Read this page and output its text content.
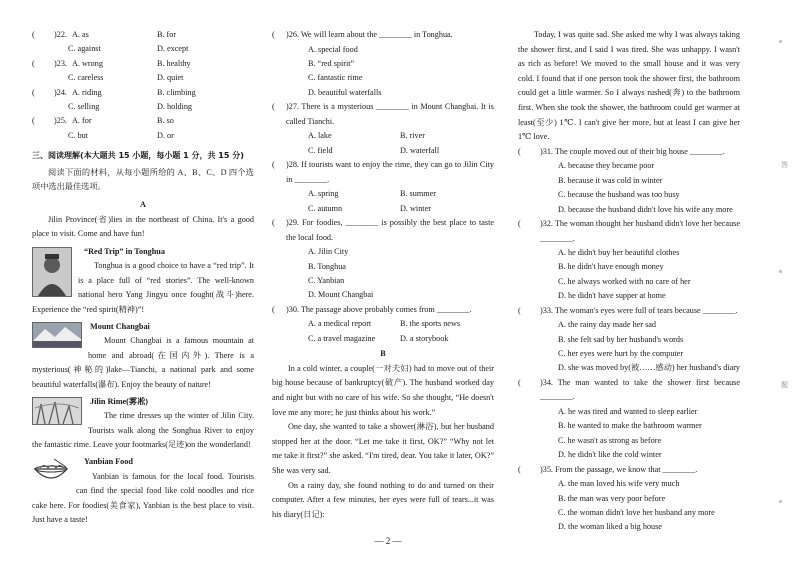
( )22. A. as	B. for
C. against	D. except
( )23. A. wrong	B. healthy
C. careless	D. quiet
( )24. A. riding	B. climbing
C. selling	D. holding
( )25. A. for	B. so
C. but	D. or

三、阅读理解(本大题共 15 小题，每小题 1 分，共 15 分)

阅读下面的材料，从每小题所给的 A、B、C、D 四个选项中选出最佳选项。

A

Jilin Province(省)lies in the northeast of China. It's a good place to visit. Come and have fun!

“Red Trip” in Tonghua

Tonghua is a good choice to have a “red trip”. It is a place full of “red stories”. The well-known national hero Yang Jingyu once fought(战斗)here. Experience the “red spirit(精神)”!

Mount Changbai

Mount Changbai is a famous mountain at home and abroad(在国内外). There is a mysterious(神秘的)lake—Tianchi, a national park and some beautiful waterfalls(瀑布). Enjoy the beauty of nature!

Jilin Rime(雾凇)

The rime dresses up the winter of Jilin City. Tourists walk along the Songhua River to enjoy the fantastic rime. Leave your footmarks(足迹)on the wonderland!

Yanbian Food

Yanbian is famous for the local food. Tourists can find the special food like cold noodles and rice cake here. For foodies(美食家), Yanbian is the best place to visit. Just have a taste!

( )26. We will learn about the ________ in Tonghua.

A. special food
B. “red spirit”
C. fantastic rime
D. beautiful waterfalls

( )27. There is a mysterious ________ in Mount Changbai. It is called Tianchi.

A. lake	B. river
C. field	D. waterfall

( )28. If tourists want to enjoy the rime, they can go to Jilin City in ________.

A. spring	B. summer
C. autumn	D. winter

( )29. For foodies, ________ is possibly the best place to taste the local food.

A. Jilin City
B. Tonghua
C. Yanbian
D. Mount Changbai

( )30. The passage above probably comes from ________.

A. a medical report	B. the sports news
C. a travel magazine	D. a storybook

B

In a cold winter, a couple(一对夫妇) had to move out of their big house because of bankruptcy(破产). The husband worked day and night but with no care of his wife. So she thought, “He doesn't love me any more; he just thinks about his work.”

One day, she wanted to take a shower(淋浴), but her husband stopped her at the door. “Let me take it first, OK?” “Why not let me take it first?” she asked. “I'm tired, dear. You take it later, OK?” She was very sad.

On a rainy day, she found nothing to do and turned on their computer. After a few minutes, her eyes were full of tears...it was his diary(日记):

Today, I was quite sad. She asked me why I was always taking the shower first, and I said I was tired. She was unhappy. I wasn't as rich as before! We moved to the small house and it was very cold. I found that if one person took the shower first, the bathroom could get a little warmer. So I always rushed(奔) to the bathroom first. When she took the shower, the bathroom could get warmer at least(至少) 1℃. I can't give her more, but at least I can give her 1℃ love.

( )31. The couple moved out of their big house ________.

A. because they became poor
B. because it was cold in winter
C. because the husband was too busy
D. because the husband didn't love his wife any more

( )32. The woman thought her husband didn't love her because ________.

A. he didn't buy her beautiful clothes
B. he didn't have enough money
C. he always worked with no care of her
D. he didn't have supper at home

( )33. The woman's eyes were full of tears because ________.

A. the rainy day made her sad
B. she felt sad by her husband's words
C. her eyes were hurt by the computer
D. she was moved by(被……感动) her husband's diary

( )34. The man wanted to take the shower first because ________.

A. he was tired and wanted to sleep earlier
B. he wanted to make the bathroom warmer
C. he wasn't as strong as before
D. he didn't like the cold winter

( )35. From the passage, we know that ________.

A. the man loved his wife very much
B. the man was very poor before
C. the woman didn't love her husband any more
D. the woman liked a big house
答
题
— 2 —
